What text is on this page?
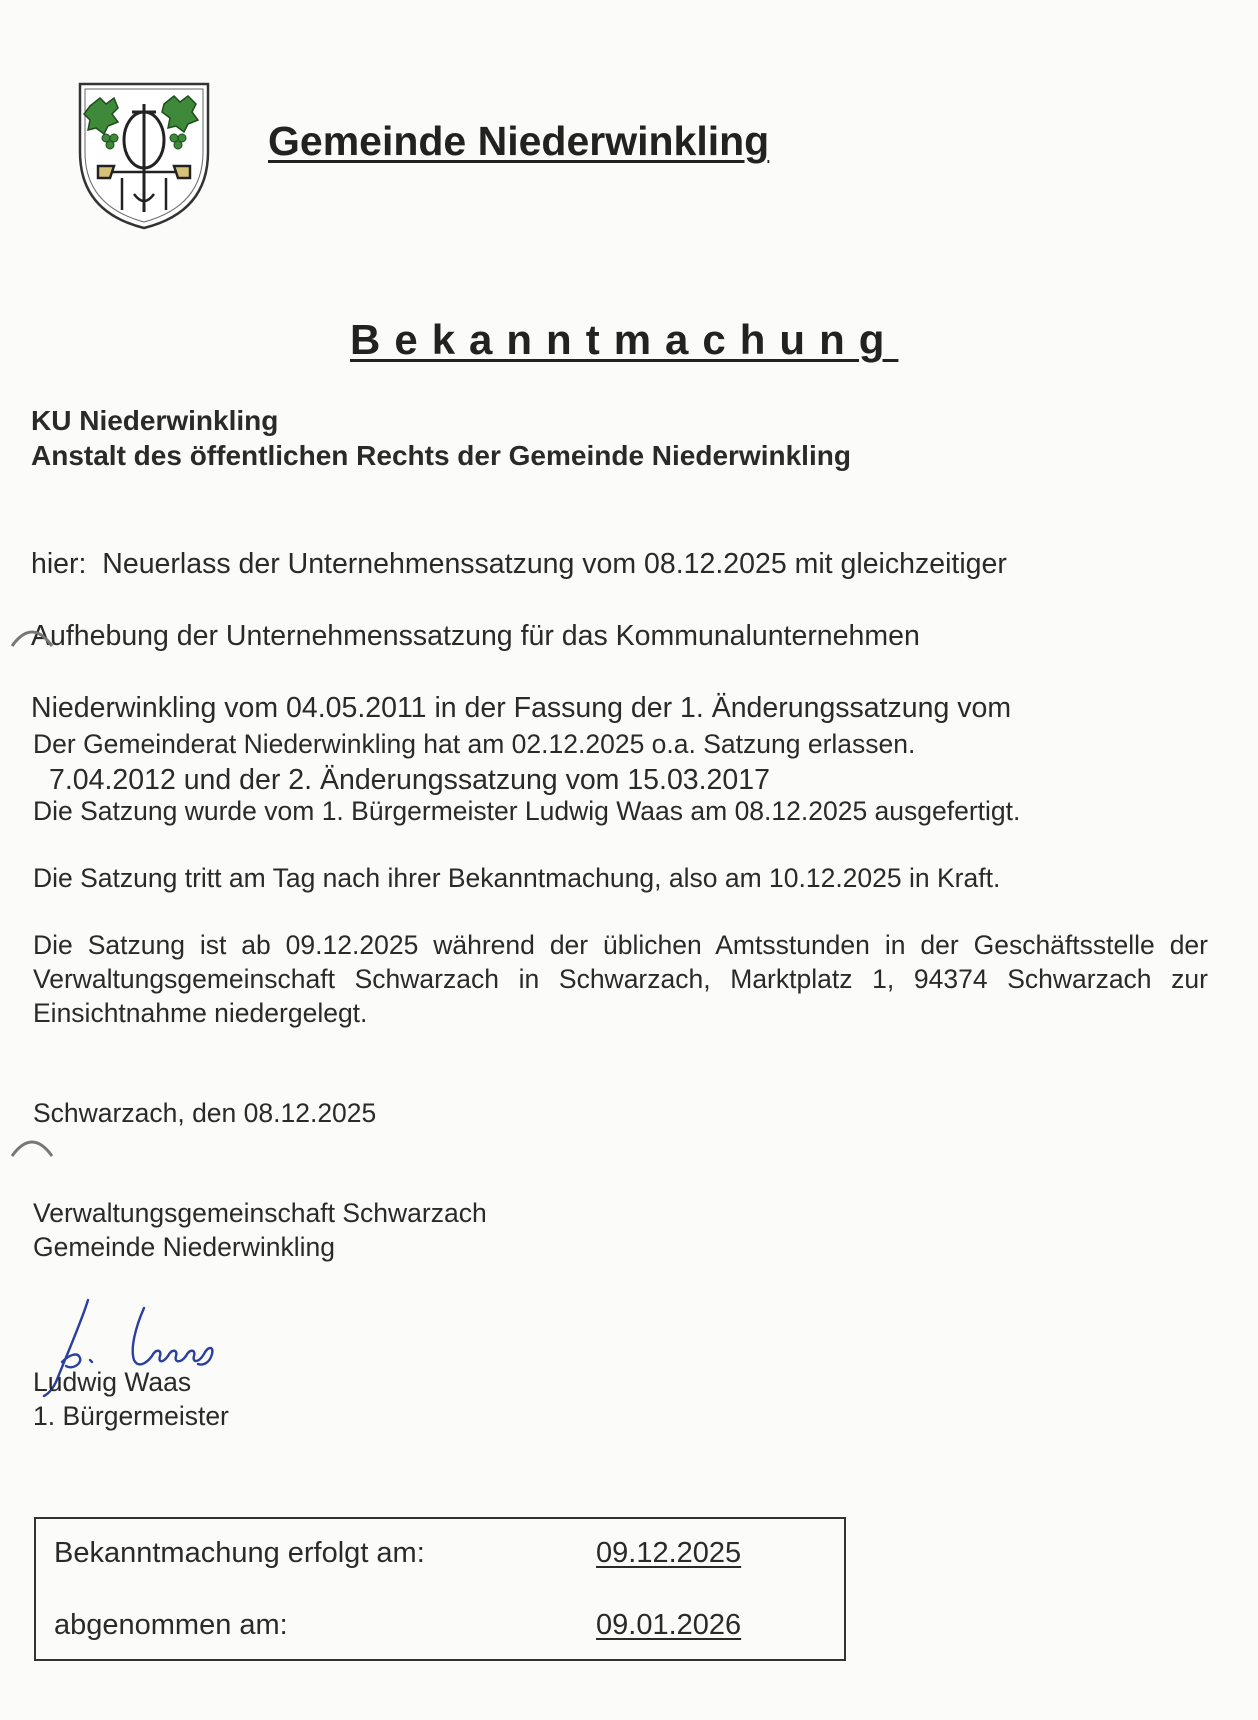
Gemeinde Niederwinkling
Bekanntmachung
KU Niederwinkling
Anstalt des öffentlichen Rechts der Gemeinde Niederwinkling

hier:  Neuerlass der Unternehmenssatzung vom 08.12.2025 mit gleichzeitiger

Aufhebung der Unternehmenssatzung für das Kommunalunternehmen

Niederwinkling vom 04.05.2011 in der Fassung der 1. Änderungssatzung vom

7.04.2012 und der 2. Änderungssatzung vom 15.03.2017

Der Gemeinderat Niederwinkling hat am 02.12.2025 o.a. Satzung erlassen.
Die Satzung wurde vom 1. Bürgermeister Ludwig Waas am 08.12.2025 ausgefertigt.
Die Satzung tritt am Tag nach ihrer Bekanntmachung, also am 10.12.2025 in Kraft.
Die Satzung ist ab 09.12.2025 während der üblichen Amtsstunden in der Geschäftsstelle der Verwaltungsgemeinschaft Schwarzach in Schwarzach, Marktplatz 1, 94374 Schwarzach zur Einsichtnahme niedergelegt.
Schwarzach, den 08.12.2025
Verwaltungsgemeinschaft Schwarzach
Gemeinde Niederwinkling
Ludwig Waas
1. Bürgermeister
Bekanntmachung erfolgt am:	09.12.2025
abgenommen am:	09.01.2026
